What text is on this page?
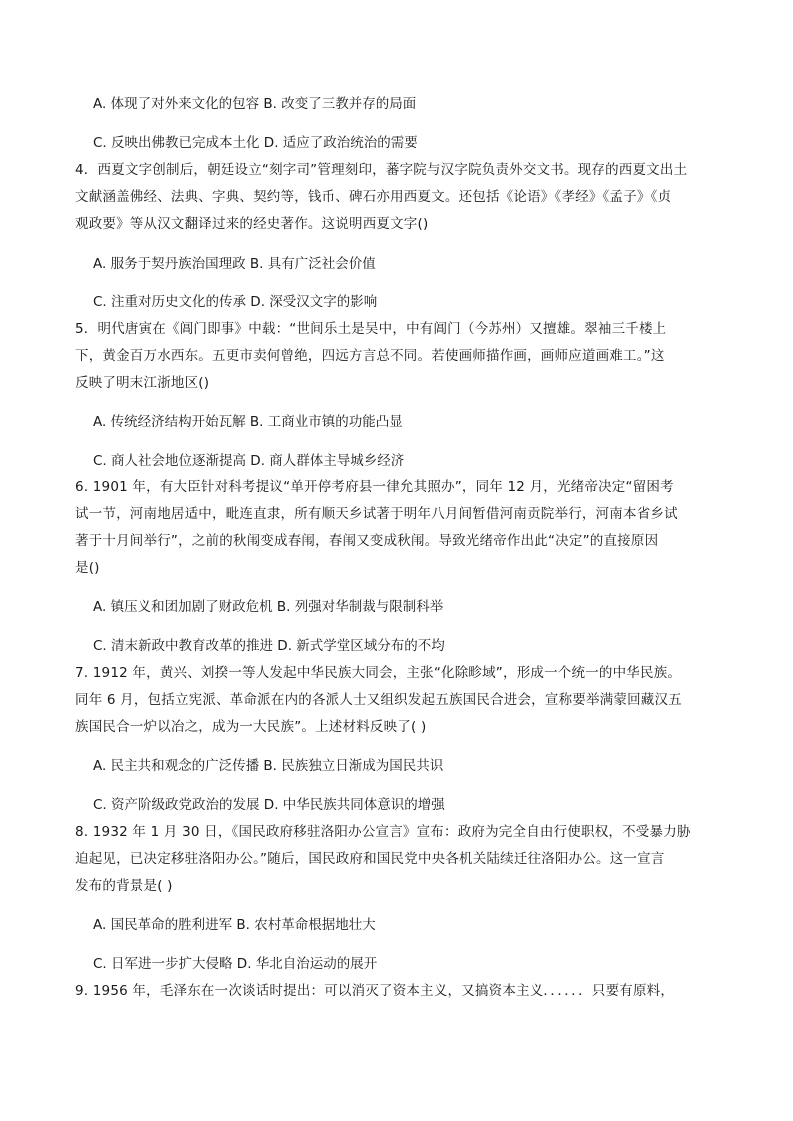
A. 体现了对外来文化的包容 B. 改变了三教并存的局面
C. 反映出佛教已完成本土化 D. 适应了政治统治的需要
4．西夏文字创制后，朝廷设立“刻字司”管理刻印，蕃字院与汉字院负责外交文书。现存的西夏文出土
文献涵盖佛经、法典、字典、契约等，钱币、碑石亦用西夏文。还包括《论语》《孝经》《孟子》《贞
观政要》等从汉文翻译过来的经史著作。这说明西夏文字()
A. 服务于契丹族治国理政 B. 具有广泛社会价值
C. 注重对历史文化的传承 D. 深受汉文字的影响
5．明代唐寅在《阊门即事》中载：“世间乐土是吴中，中有阊门（今苏州）又擅雄。翠袖三千楼上
下，黄金百万水西东。五更市卖何曾绝，四远方言总不同。若使画师描作画，画师应道画难工。”这
反映了明末江浙地区()
A. 传统经济结构开始瓦解 B. 工商业市镇的功能凸显
C. 商人社会地位逐渐提高 D. 商人群体主导城乡经济
6. 1901 年，有大臣针对科考提议“单开停考府县一律允其照办”，同年 12 月，光绪帝决定“留困考
试一节，河南地居适中，毗连直隶，所有顺天乡试著于明年八月间暂借河南贡院举行，河南本省乡试
著于十月间举行”，之前的秋闱变成春闱，春闱又变成秋闱。导致光绪帝作出此“决定”的直接原因
是()
A. 镇压义和团加剧了财政危机 B. 列强对华制裁与限制科举
C. 清末新政中教育改革的推进 D. 新式学堂区域分布的不均
7. 1912 年，黄兴、刘揆一等人发起中华民族大同会，主张“化除畛域”，形成一个统一的中华民族。
同年 6 月，包括立宪派、革命派在内的各派人士又组织发起五族国民合进会，宣称要举满蒙回藏汉五
族国民合一炉以冶之，成为一大民族”。上述材料反映了( )
A. 民主共和观念的广泛传播 B. 民族独立日渐成为国民共识
C. 资产阶级政党政治的发展 D. 中华民族共同体意识的增强
8. 1932 年 1 月 30 日，《国民政府移驻洛阳办公宣言》宣布：政府为完全自由行使职权，不受暴力胁
迫起见，已决定移驻洛阳办公。”随后，国民政府和国民党中央各机关陆续迁往洛阳办公。这一宣言
发布的背景是( )
A. 国民革命的胜利进军 B. 农村革命根据地壮大
C. 日军进一步扩大侵略 D. 华北自治运动的展开
9. 1956 年，毛泽东在一次谈话时提出：可以消灭了资本主义，又搞资本主义．．．．．．只要有原料，
